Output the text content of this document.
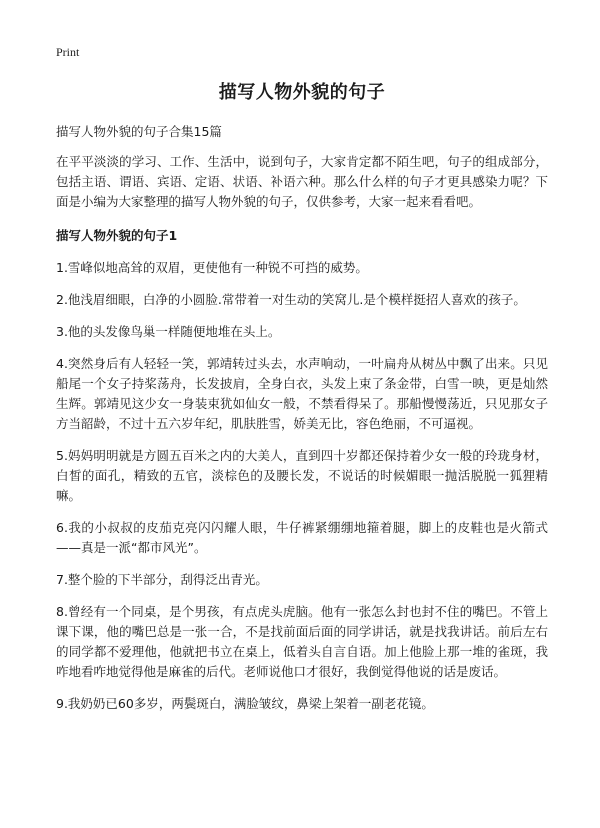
Print
描写人物外貌的句子
描写人物外貌的句子合集15篇

在平平淡淡的学习、工作、生活中，说到句子，大家肯定都不陌生吧，句子的组成部分，包括主语、谓语、宾语、定语、状语、补语六种。那么什么样的句子才更具感染力呢？下面是小编为大家整理的描写人物外貌的句子，仅供参考，大家一起来看看吧。

描写人物外貌的句子1

1.雪峰似地高耸的双眉，更使他有一种锐不可挡的威势。

2.他浅眉细眼，白净的小圆脸.常带着一对生动的笑窝儿.是个模样挺招人喜欢的孩子。

3.他的头发像鸟巢一样随便地堆在头上。

4.突然身后有人轻轻一笑，郭靖转过头去，水声响动，一叶扁舟从树丛中飘了出来。只见船尾一个女子持桨荡舟，长发披肩，全身白衣，头发上束了条金带，白雪一映，更是灿然生辉。郭靖见这少女一身装束犹如仙女一般，不禁看得呆了。那船慢慢荡近，只见那女子方当韶龄，不过十五六岁年纪，肌肤胜雪，娇美无比，容色绝丽，不可逼视。

5.妈妈明明就是方圆五百米之内的大美人，直到四十岁都还保持着少女一般的玲珑身材，白皙的面孔，精致的五官，淡棕色的及腰长发，不说话的时候媚眼一抛活脱脱一狐狸精嘛。

6.我的小叔叔的皮茄克亮闪闪耀人眼，牛仔裤紧绷绷地箍着腿，脚上的皮鞋也是火箭式——真是一派“都市风光”。

7.整个脸的下半部分，刮得泛出青光。

8.曾经有一个同桌，是个男孩，有点虎头虎脑。他有一张怎么封也封不住的嘴巴。不管上课下课，他的嘴巴总是一张一合，不是找前面后面的同学讲话，就是找我讲话。前后左右的同学都不爱理他，他就把书立在桌上，低着头自言自语。加上他脸上那一堆的雀斑，我咋地看咋地觉得他是麻雀的后代。老师说他口才很好，我倒觉得他说的话是废话。

9.我奶奶已60多岁，两鬓斑白，满脸皱纹，鼻梁上架着一副老花镜。
